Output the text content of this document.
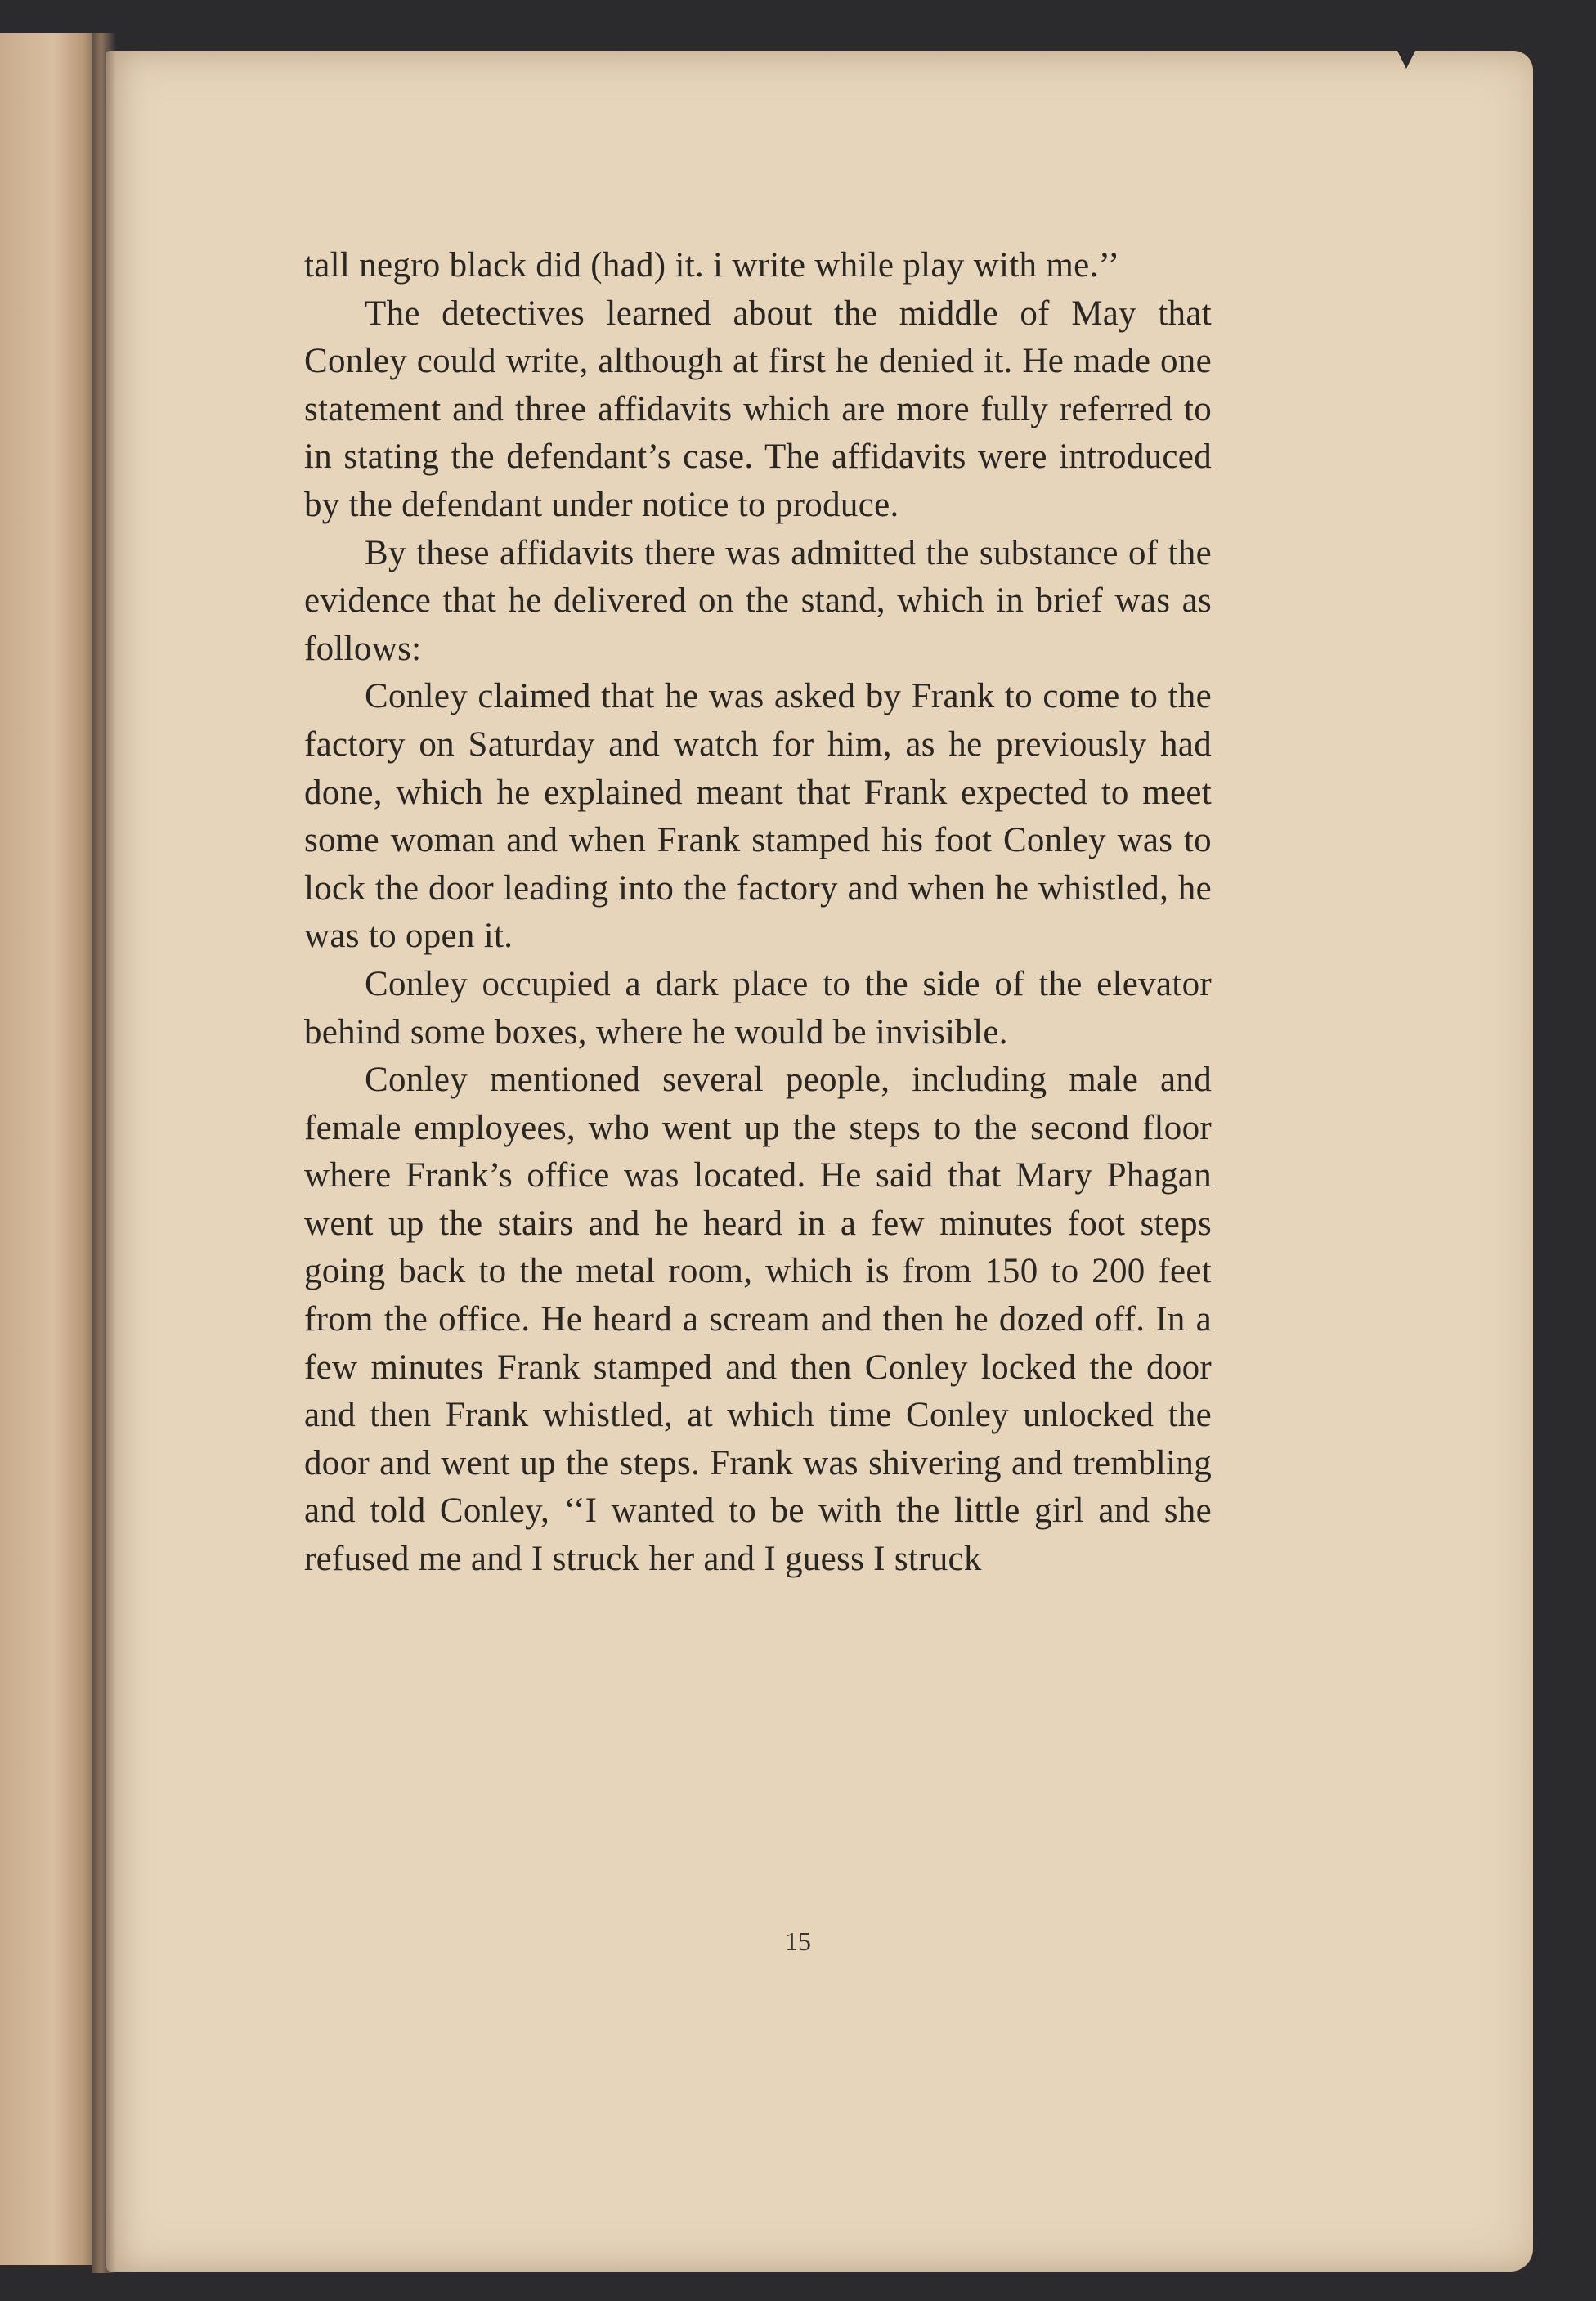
tall negro black did (had) it. i write while play with me.’’

The detectives learned about the middle of May that Conley could write, although at first he denied it. He made one statement and three affidavits which are more fully referred to in stating the defendant’s case. The affidavits were introduced by the defendant under notice to produce.

By these affidavits there was admitted the substance of the evidence that he delivered on the stand, which in brief was as follows:

Conley claimed that he was asked by Frank to come to the factory on Saturday and watch for him, as he previously had done, which he explained meant that Frank expected to meet some woman and when Frank stamped his foot Conley was to lock the door leading into the factory and when he whistled, he was to open it.

Conley occupied a dark place to the side of the elevator behind some boxes, where he would be invisible.

Conley mentioned several people, including male and female employees, who went up the steps to the second floor where Frank’s office was located. He said that Mary Phagan went up the stairs and he heard in a few minutes foot steps going back to the metal room, which is from 150 to 200 feet from the office. He heard a scream and then he dozed off. In a few minutes Frank stamped and then Conley locked the door and then Frank whistled, at which time Conley unlocked the door and went up the steps. Frank was shivering and trembling and told Conley, ‘‘I wanted to be with the little girl and she refused me and I struck her and I guess I struck

15
